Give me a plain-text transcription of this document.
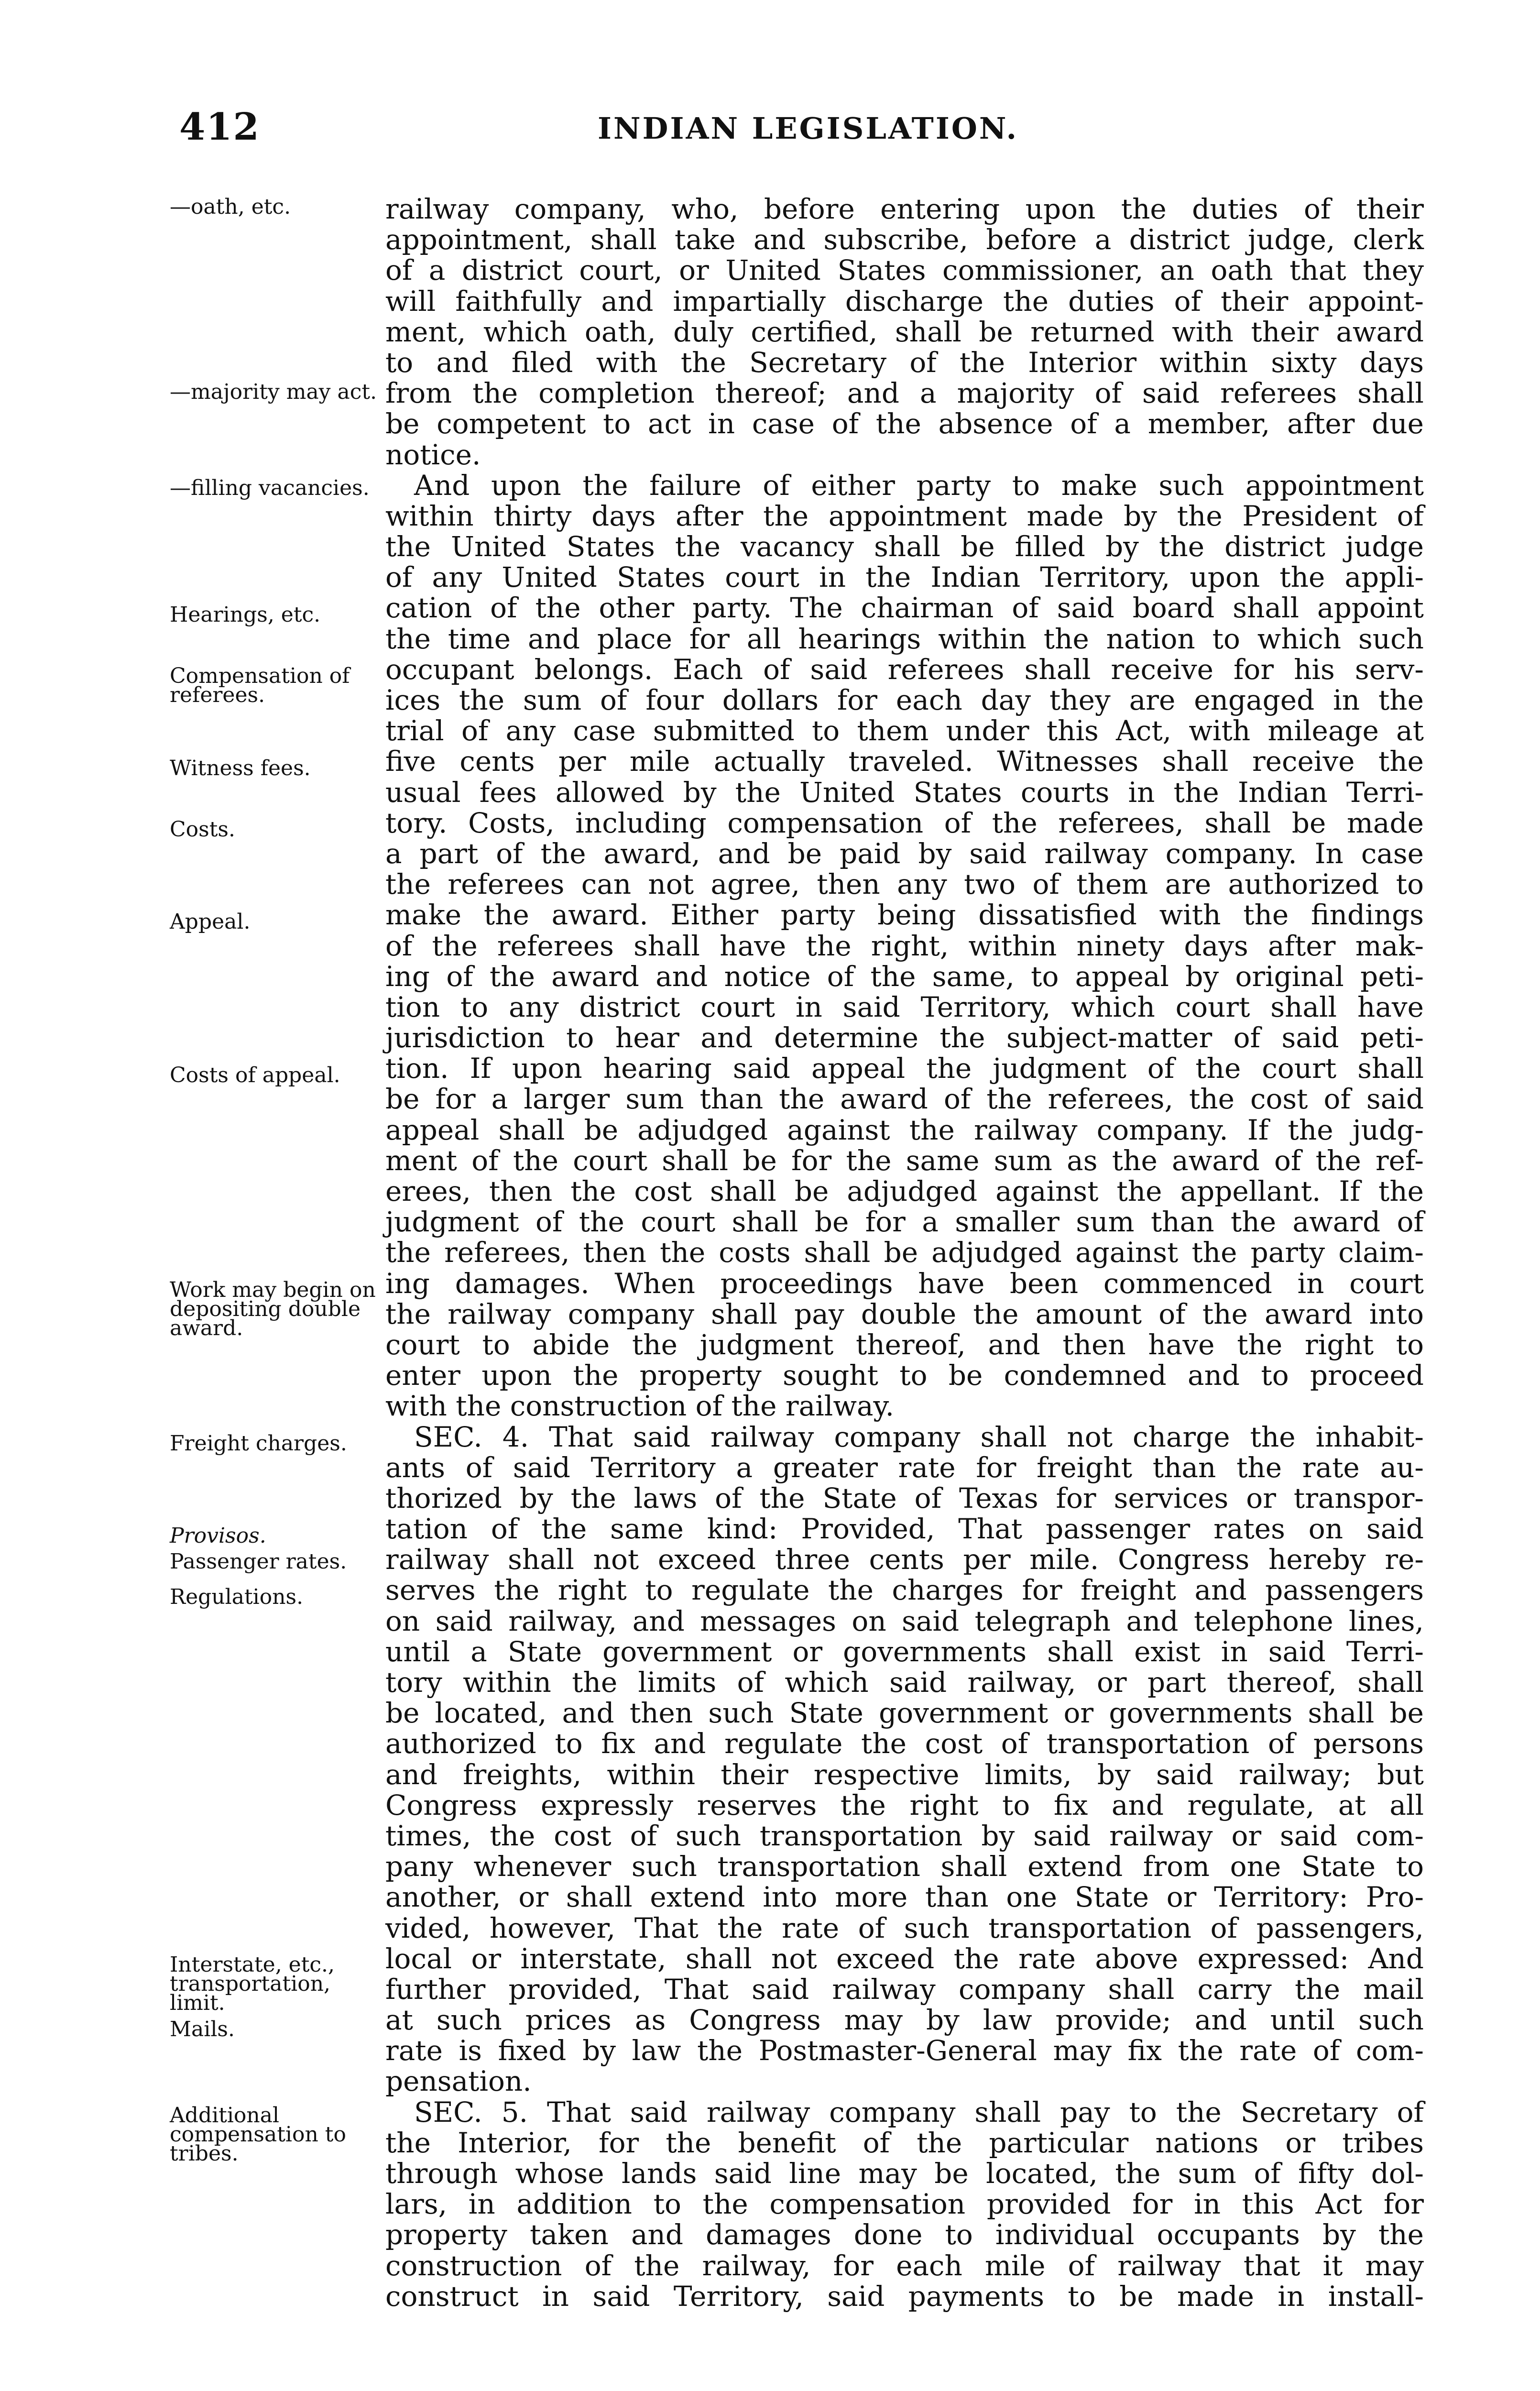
412	INDIAN LEGISLATION.
railway company, who, before entering upon the duties of their
appointment, shall take and subscribe, before a district judge, clerk
of a district court, or United States commissioner, an oath that they
will faithfully and impartially discharge the duties of their appoint-
ment, which oath, duly certified, shall be returned with their award
to and filed with the Secretary of the Interior within sixty days
from the completion thereof; and a majority of said referees shall
be competent to act in case of the absence of a member, after due
notice.
And upon the failure of either party to make such appointment
within thirty days after the appointment made by the President of
the United States the vacancy shall be filled by the district judge
of any United States court in the Indian Territory, upon the appli-
cation of the other party. The chairman of said board shall appoint
the time and place for all hearings within the nation to which such
occupant belongs. Each of said referees shall receive for his serv-
ices the sum of four dollars for each day they are engaged in the
trial of any case submitted to them under this Act, with mileage at
five cents per mile actually traveled. Witnesses shall receive the
usual fees allowed by the United States courts in the Indian Terri-
tory. Costs, including compensation of the referees, shall be made
a part of the award, and be paid by said railway company. In case
the referees can not agree, then any two of them are authorized to
make the award. Either party being dissatisfied with the findings
of the referees shall have the right, within ninety days after mak-
ing of the award and notice of the same, to appeal by original peti-
tion to any district court in said Territory, which court shall have
jurisdiction to hear and determine the subject-matter of said peti-
tion. If upon hearing said appeal the judgment of the court shall
be for a larger sum than the award of the referees, the cost of said
appeal shall be adjudged against the railway company. If the judg-
ment of the court shall be for the same sum as the award of the ref-
erees, then the cost shall be adjudged against the appellant. If the
judgment of the court shall be for a smaller sum than the award of
the referees, then the costs shall be adjudged against the party claim-
ing damages. When proceedings have been commenced in court
the railway company shall pay double the amount of the award into
court to abide the judgment thereof, and then have the right to
enter upon the property sought to be condemned and to proceed
with the construction of the railway.
SEC. 4. That said railway company shall not charge the inhabit-
ants of said Territory a greater rate for freight than the rate au-
thorized by the laws of the State of Texas for services or transpor-
tation of the same kind: Provided, That passenger rates on said
railway shall not exceed three cents per mile. Congress hereby re-
serves the right to regulate the charges for freight and passengers
on said railway, and messages on said telegraph and telephone lines,
until a State government or governments shall exist in said Terri-
tory within the limits of which said railway, or part thereof, shall
be located, and then such State government or governments shall be
authorized to fix and regulate the cost of transportation of persons
and freights, within their respective limits, by said railway; but
Congress expressly reserves the right to fix and regulate, at all
times, the cost of such transportation by said railway or said com-
pany whenever such transportation shall extend from one State to
another, or shall extend into more than one State or Territory: Pro-
vided, however, That the rate of such transportation of passengers,
local or interstate, shall not exceed the rate above expressed: And
further provided, That said railway company shall carry the mail
at such prices as Congress may by law provide; and until such
rate is fixed by law the Postmaster-General may fix the rate of com-
pensation.
SEC. 5. That said railway company shall pay to the Secretary of
the Interior, for the benefit of the particular nations or tribes
through whose lands said line may be located, the sum of fifty dol-
lars, in addition to the compensation provided for in this Act for
property taken and damages done to individual occupants by the
construction of the railway, for each mile of railway that it may
construct in said Territory, said payments to be made in install-
—oath, etc.
—majority may act.
—filling vacancies.
Hearings, etc.
Compensation of referees.
Witness fees.
Costs.
Appeal.
Costs of appeal.
Work may begin on depositing double award.
Freight charges.
Provisos.
Passenger rates.
Regulations.
Interstate, etc., transportation, limit.
Mails.
Additional compensation to tribes.
